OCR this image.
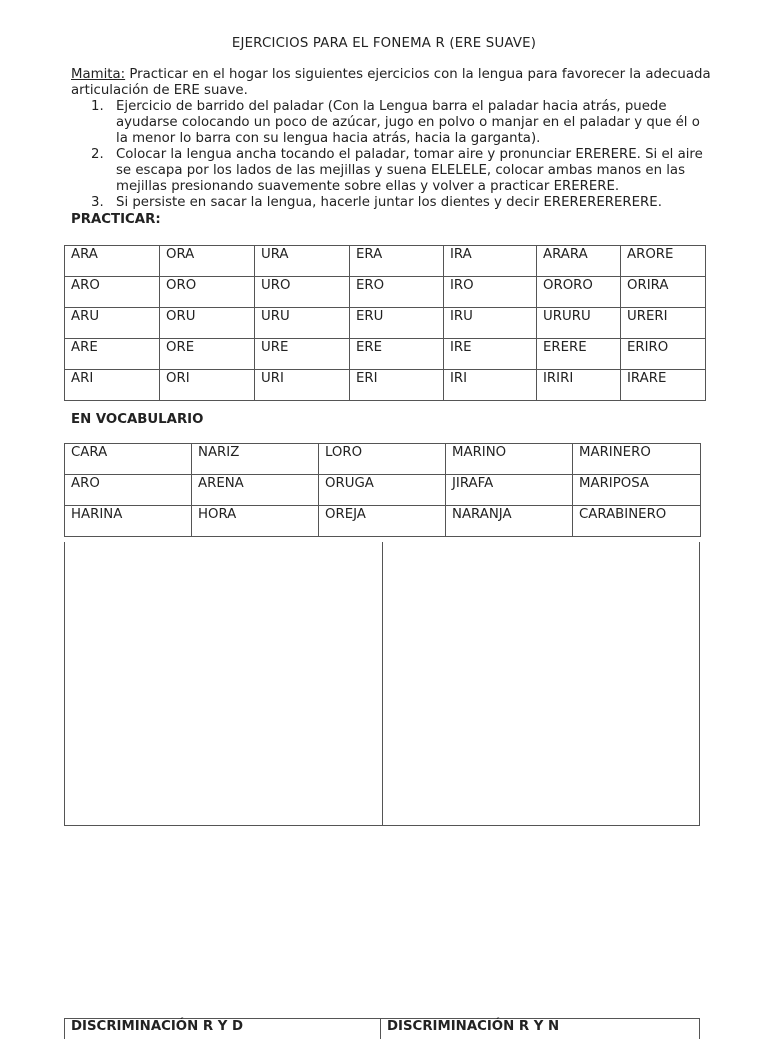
EJERCICIOS PARA EL FONEMA R (ERE SUAVE)
Mamita: Practicar en el hogar los siguientes ejercicios con la lengua para favorecer la adecuada articulación de ERE suave.
1. Ejercicio de barrido del paladar (Con la Lengua barra el paladar hacia atrás, puede ayudarse colocando un poco de azúcar, jugo en polvo o manjar en el paladar y que él o la menor lo barra con su lengua hacia atrás, hacia la garganta).
2. Colocar la lengua ancha tocando el paladar, tomar aire y pronunciar ERERERE. Si el aire se escapa por los lados de las mejillas y suena ELELELE, colocar ambas manos en las mejillas presionando suavemente sobre ellas y volver a practicar ERERERE.
3. Si persiste en sacar la lengua, hacerle juntar los dientes y decir ERERERERERERE.
PRACTICAR:
ARA	ORA	URA	ERA	IRA	ARARA	ARORE
ARO	ORO	URO	ERO	IRO	ORORO	ORIRA
ARU	ORU	URU	ERU	IRU	URURU	URERI
ARE	ORE	URE	ERE	IRE	ERERE	ERIRO
ARI	ORI	URI	ERI	IRI	IRIRI	IRARE
EN VOCABULARIO
CARA	NARIZ	LORO	MARINO	MARINERO
ARO	ARENA	ORUGA	JIRAFA	MARIPOSA
HARINA	HORA	OREJA	NARANJA	CARABINERO
DISCRIMINACIÓN R Y D	DISCRIMINACIÓN R Y N
